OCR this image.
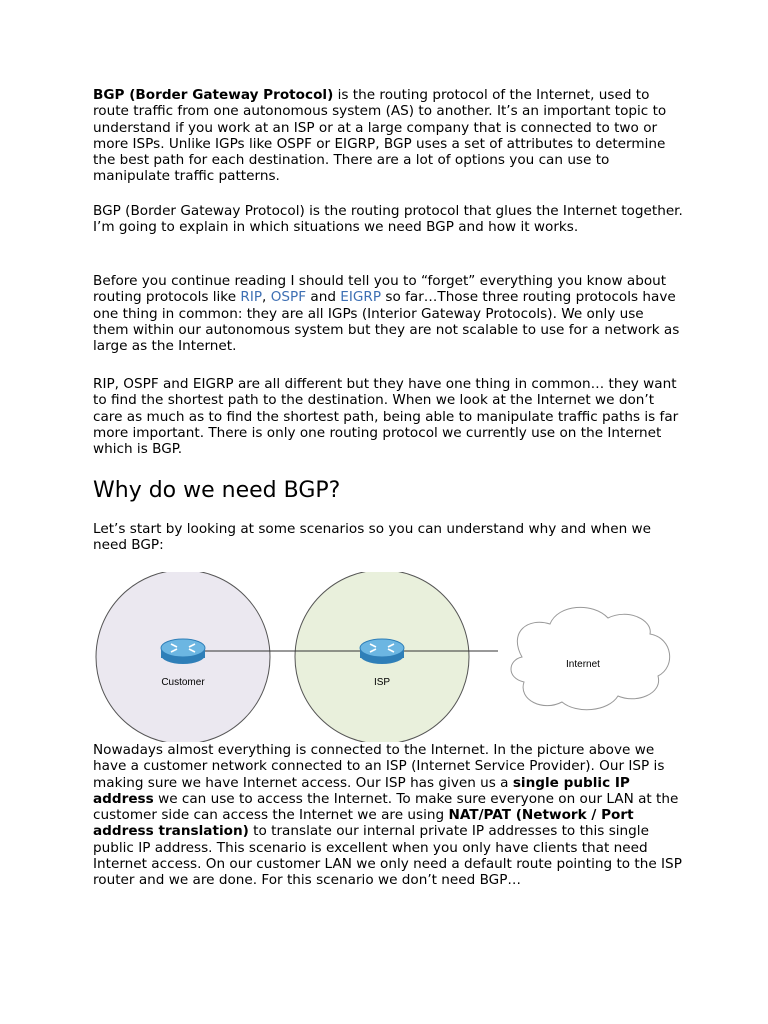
BGP (Border Gateway Protocol) is the routing protocol of the Internet, used to route traffic from one autonomous system (AS) to another. It’s an important topic to understand if you work at an ISP or at a large company that is connected to two or more ISPs. Unlike IGPs like OSPF or EIGRP, BGP uses a set of attributes to determine the best path for each destination. There are a lot of options you can use to manipulate traffic patterns.

BGP (Border Gateway Protocol) is the routing protocol that glues the Internet together. I’m going to explain in which situations we need BGP and how it works.

Before you continue reading I should tell you to “forget” everything you know about routing protocols like RIP, OSPF and EIGRP so far…Those three routing protocols have one thing in common: they are all IGPs (Interior Gateway Protocols). We only use them within our autonomous system but they are not scalable to use for a network as large as the Internet.

RIP, OSPF and EIGRP are all different but they have one thing in common… they want to find the shortest path to the destination. When we look at the Internet we don’t care as much as to find the shortest path, being able to manipulate traffic paths is far more important. There is only one routing protocol we currently use on the Internet which is BGP.

Why do we need BGP?

Let’s start by looking at some scenarios so you can understand why and when we need BGP:

Customer	ISP
Internet

Nowadays almost everything is connected to the Internet. In the picture above we have a customer network connected to an ISP (Internet Service Provider). Our ISP is making sure we have Internet access. Our ISP has given us a single public IP address we can use to access the Internet. To make sure everyone on our LAN at the customer side can access the Internet we are using NAT/PAT (Network / Port address translation) to translate our internal private IP addresses to this single public IP address. This scenario is excellent when you only have clients that need Internet access. On our customer LAN we only need a default route pointing to the ISP router and we are done. For this scenario we don’t need BGP…
